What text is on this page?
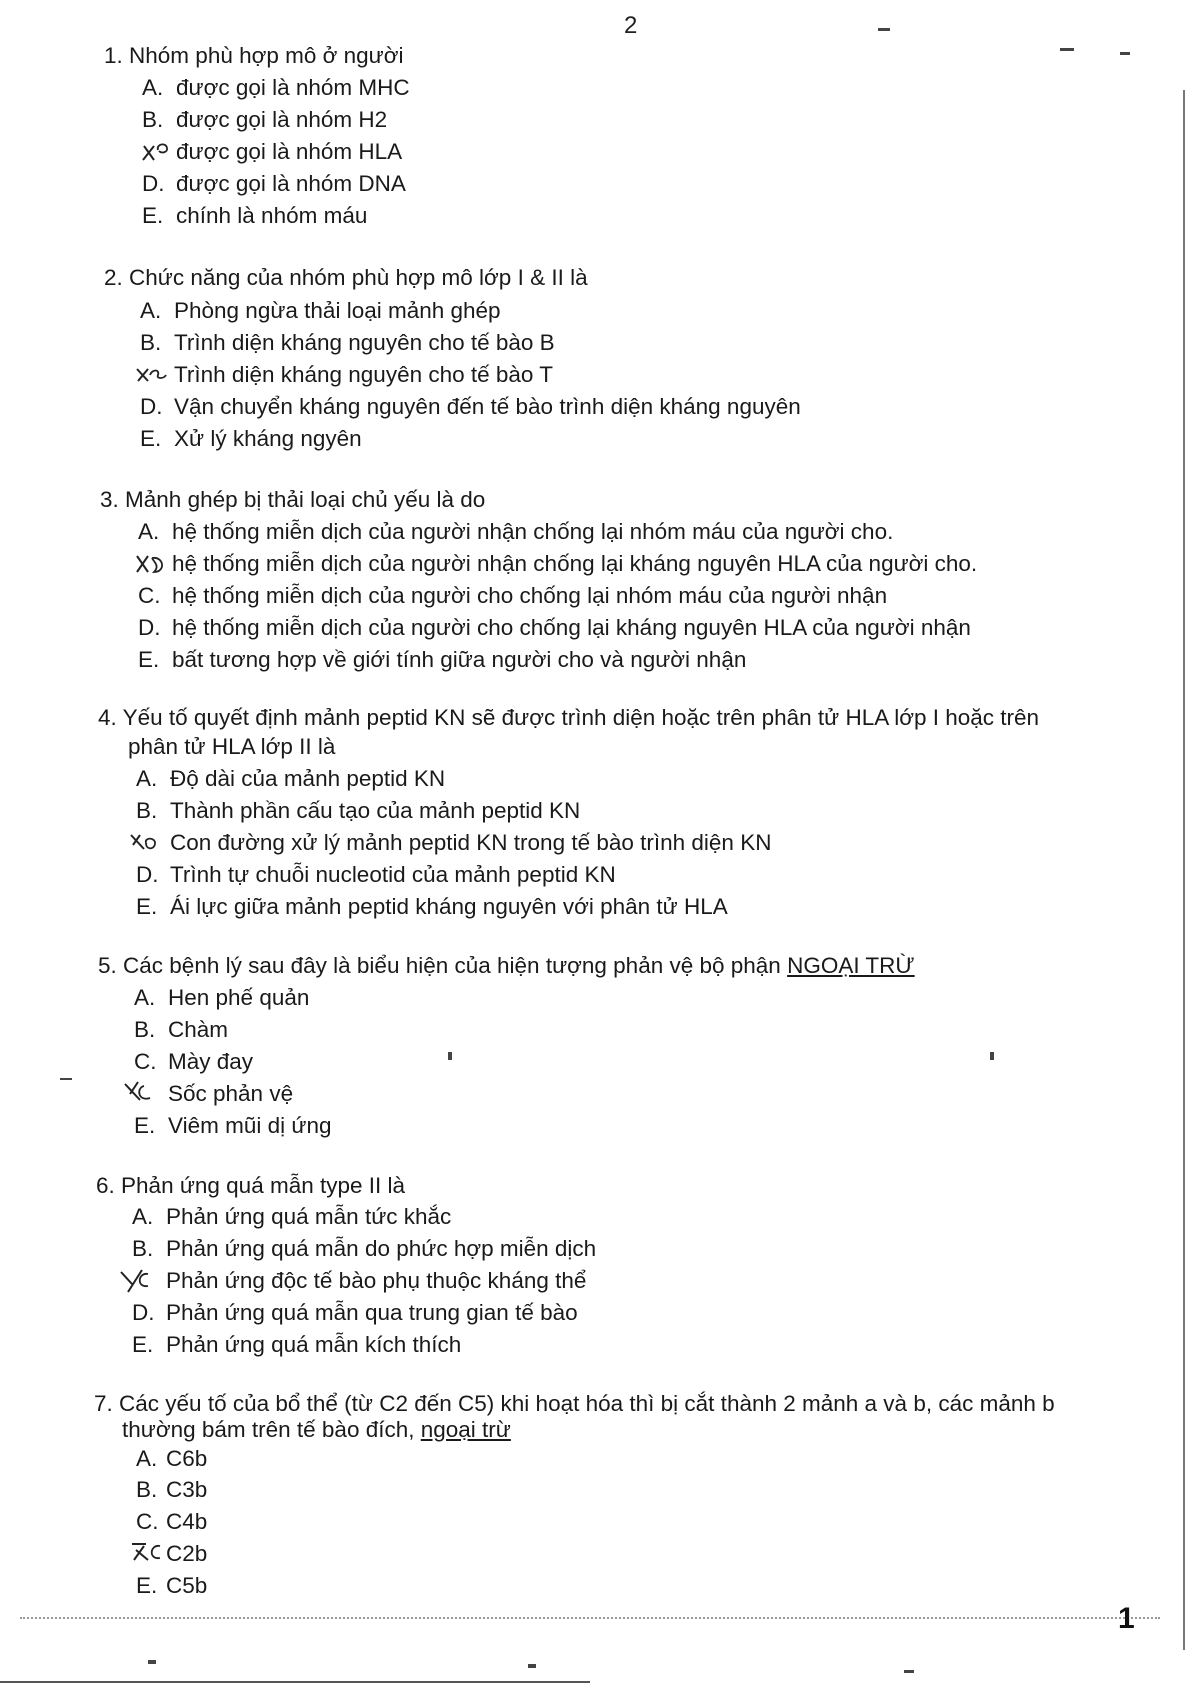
2
1. Nhóm phù hợp mô ở người
A. được gọi là nhóm MHC
B. được gọi là nhóm H2
được gọi là nhóm HLA
D. được gọi là nhóm DNA
E. chính là nhóm máu
2. Chức năng của nhóm phù hợp mô lớp I & II là
A. Phòng ngừa thải loại mảnh ghép
B. Trình diện kháng nguyên cho tế bào B
Trình diện kháng nguyên cho tế bào T
D. Vận chuyển kháng nguyên đến tế bào trình diện kháng nguyên
E. Xử lý kháng ngyên
3. Mảnh ghép bị thải loại chủ yếu là do
A. hệ thống miễn dịch của người nhận chống lại nhóm máu của người cho.
hệ thống miễn dịch của người nhận chống lại kháng nguyên HLA của người cho.
C. hệ thống miễn dịch của người cho chống lại nhóm máu của người nhận
D. hệ thống miễn dịch của người cho chống lại kháng nguyên HLA của người nhận
E. bất tương hợp về giới tính giữa người cho và người nhận
4. Yếu tố quyết định mảnh peptid KN sẽ được trình diện hoặc trên phân tử HLA lớp I hoặc trên
phân tử HLA lớp II là
A. Độ dài của mảnh peptid KN
B. Thành phần cấu tạo của mảnh peptid KN
Con đường xử lý mảnh peptid KN trong tế bào trình diện KN
D. Trình tự chuỗi nucleotid của mảnh peptid KN
E. Ái lực giữa mảnh peptid kháng nguyên với phân tử HLA
5. Các bệnh lý sau đây là biểu hiện của hiện tượng phản vệ bộ phận NGOẠI TRỪ
A. Hen phế quản
B. Chàm
C. Mày đay
Sốc phản vệ
E. Viêm mũi dị ứng
6. Phản ứng quá mẫn type II là
A. Phản ứng quá mẫn tức khắc
B. Phản ứng quá mẫn do phức hợp miễn dịch
Phản ứng độc tế bào phụ thuộc kháng thể
D. Phản ứng quá mẫn qua trung gian tế bào
E. Phản ứng quá mẫn kích thích
7. Các yếu tố của bổ thể (từ C2 đến C5) khi hoạt hóa thì bị cắt thành 2 mảnh a và b, các mảnh b
thường bám trên tế bào đích, ngoại trừ
A. C6b
B. C3b
C. C4b
C2b
E. C5b
1
